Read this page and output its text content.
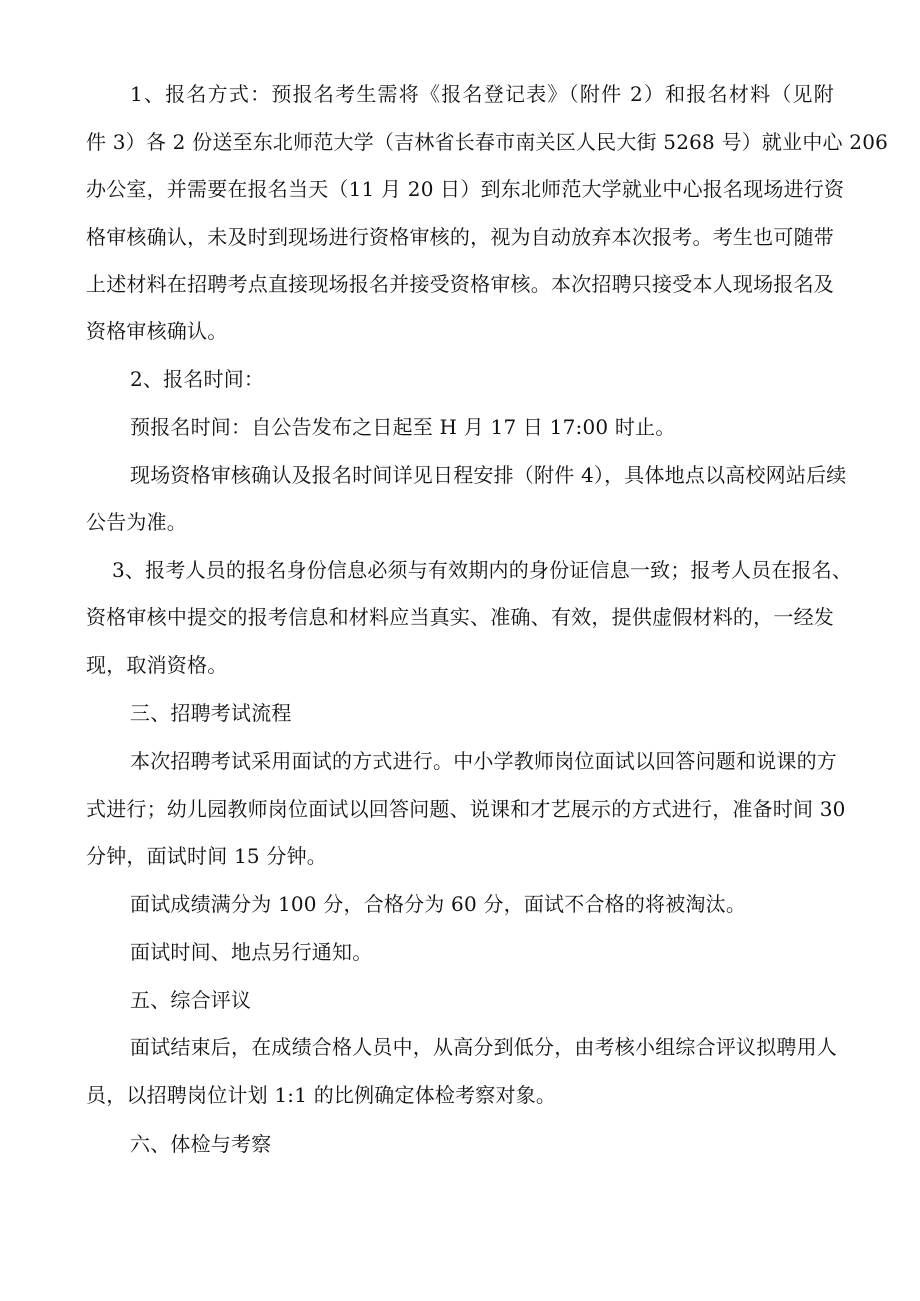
1、报名方式：预报名考生需将《报名登记表》（附件 2）和报名材料（见附
件 3）各 2 份送至东北师范大学（吉林省长春市南关区人民大街 5268 号）就业中心 206
办公室，并需要在报名当天（11 月 20 日）到东北师范大学就业中心报名现场进行资
格审核确认，未及时到现场进行资格审核的，视为自动放弃本次报考。考生也可随带
上述材料在招聘考点直接现场报名并接受资格审核。本次招聘只接受本人现场报名及
资格审核确认。
2、报名时间：
预报名时间：自公告发布之日起至 H 月 17 日 17:00 时止。
现场资格审核确认及报名时间详见日程安排（附件 4），具体地点以高校网站后续
公告为准。
3、报考人员的报名身份信息必须与有效期内的身份证信息一致；报考人员在报名、
资格审核中提交的报考信息和材料应当真实、准确、有效，提供虚假材料的，一经发
现，取消资格。
三、招聘考试流程
本次招聘考试采用面试的方式进行。中小学教师岗位面试以回答问题和说课的方
式进行；幼儿园教师岗位面试以回答问题、说课和才艺展示的方式进行，准备时间 30
分钟，面试时间 15 分钟。
面试成绩满分为 100 分，合格分为 60 分，面试不合格的将被淘汰。
面试时间、地点另行通知。
五、综合评议
面试结束后，在成绩合格人员中，从高分到低分，由考核小组综合评议拟聘用人
员，以招聘岗位计划 1:1 的比例确定体检考察对象。
六、体检与考察
